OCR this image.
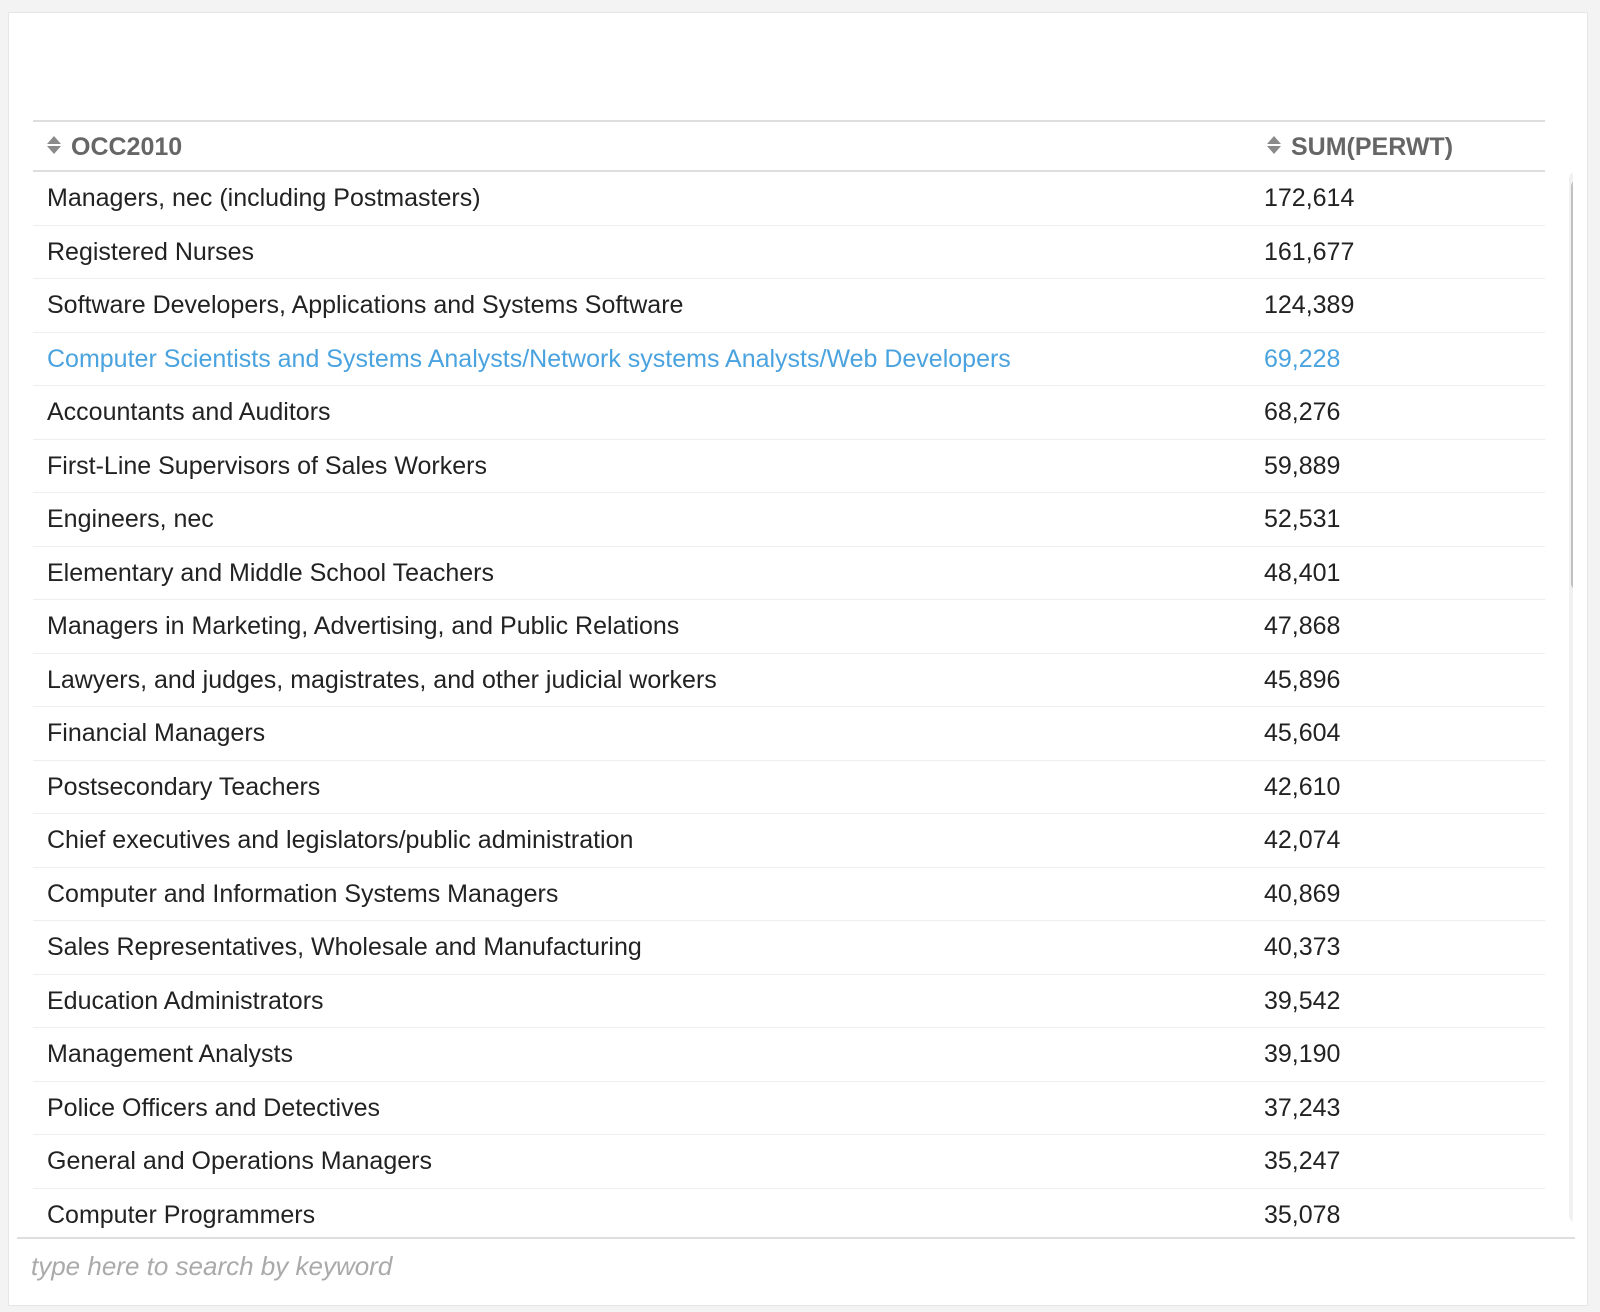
OCC2010	SUM(PERWT)
Managers, nec (including Postmasters)	172,614
Registered Nurses	161,677
Software Developers, Applications and Systems Software	124,389
Computer Scientists and Systems Analysts/Network systems Analysts/Web Developers	69,228
Accountants and Auditors	68,276
First-Line Supervisors of Sales Workers	59,889
Engineers, nec	52,531
Elementary and Middle School Teachers	48,401
Managers in Marketing, Advertising, and Public Relations	47,868
Lawyers, and judges, magistrates, and other judicial workers	45,896
Financial Managers	45,604
Postsecondary Teachers	42,610
Chief executives and legislators/public administration	42,074
Computer and Information Systems Managers	40,869
Sales Representatives, Wholesale and Manufacturing	40,373
Education Administrators	39,542
Management Analysts	39,190
Police Officers and Detectives	37,243
General and Operations Managers	35,247
Computer Programmers	35,078
type here to search by keyword
